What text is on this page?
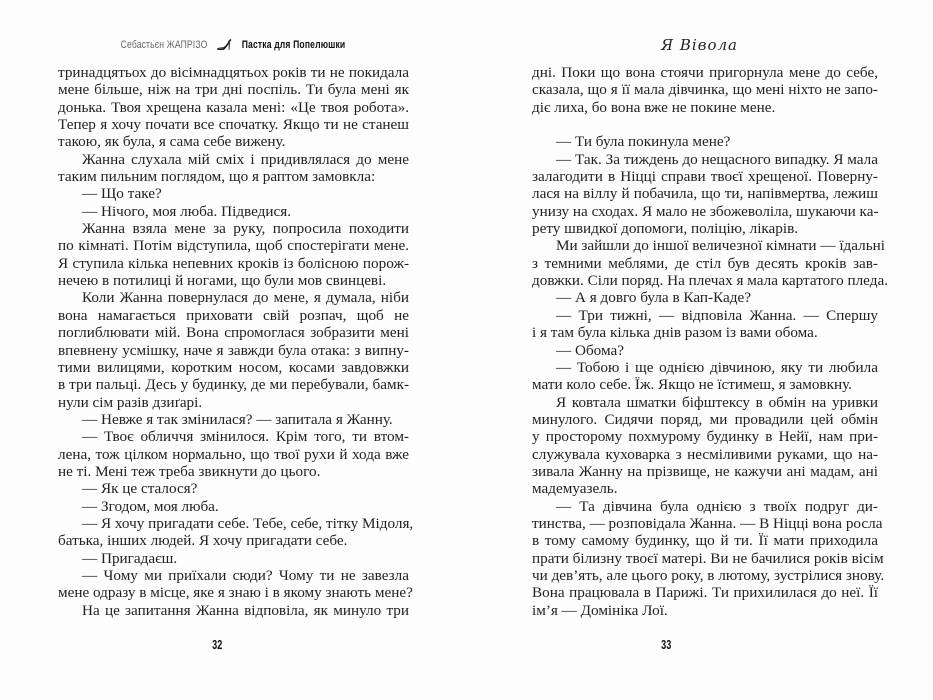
Себастьєн ЖАПРІЗО	Пастка для Попелюшки
тринадцятьох до вісімнадцятьох років ти не покидала
мене більше, ніж на три дні поспіль. Ти була мені як
донька. Твоя хрещена казала мені: «Це твоя робота».
Тепер я хочу почати все спочатку. Якщо ти не станеш
такою, як була, я сама себе вижену.
Жанна слухала мій сміх і придивлялася до мене
таким пильним поглядом, що я раптом замовкла:
— Що таке?
— Нічого, моя люба. Підведися.
Жанна взяла мене за руку, попросила походити
по кімнаті. Потім відступила, щоб спостерігати мене.
Я ступила кілька непевних кроків із болісною порож-
нечею в потилиці й ногами, що були мов свинцеві.
Коли Жанна повернулася до мене, я думала, ніби
вона намагається приховати свій розпач, щоб не
поглиблювати мій. Вона спромоглася зобразити мені
впевнену усмішку, наче я завжди була отака: з випну-
тими вилицями, коротким носом, косами завдовжки
в три пальці. Десь у будинку, де ми перебували, бамк-
нули сім разів дзиґарі.
— Невже я так змінилася? — запитала я Жанну.
— Твоє обличчя змінилося. Крім того, ти втом-
лена, тож цілком нормально, що твої рухи й хода вже
не ті. Мені теж треба звикнути до цього.
— Як це сталося?
— Згодом, моя люба.
— Я хочу пригадати себе. Тебе, себе, тітку Мідоля,
батька, інших людей. Я хочу пригадати себе.
— Пригадаєш.
— Чому ми приїхали сюди? Чому ти не завезла
мене одразу в місце, яке я знаю і в якому знають мене?
На це запитання Жанна відповіла, як минуло три
32
Я Вівола
дні. Поки що вона стоячи пригорнула мене до себе,
сказала, що я її мала дівчинка, що мені ніхто не запо-
діє лиха, бо вона вже не покине мене.
— Ти була покинула мене?
— Так. За тиждень до нещасного випадку. Я мала
залагодити в Ніцці справи твоєї хрещеної. Поверну-
лася на віллу й побачила, що ти, напівмертва, лежиш
унизу на сходах. Я мало не збожеволіла, шукаючи ка-
рету швидкої допомоги, поліцію, лікарів.
Ми зайшли до іншої величезної кімнати — їдальні
з темними меблями, де стіл був десять кроків зав-
довжки. Сіли поряд. На плечах я мала картатого пледа.
— А я довго була в Кап-Каде?
— Три тижні, — відповіла Жанна. — Спершу
і я там була кілька днів разом із вами обома.
— Обома?
— Тобою і ще однією дівчиною, яку ти любила
мати коло себе. Їж. Якщо не їстимеш, я замовкну.
Я ковтала шматки біфштексу в обмін на уривки
минулого. Сидячи поряд, ми провадили цей обмін
у просторому похмурому будинку в Нейї, нам при-
служувала куховарка з несміливими руками, що на-
зивала Жанну на прізвище, не кажучи ані мадам, ані
мадемуазель.
— Та дівчина була однією з твоїх подруг ди-
тинства, — розповідала Жанна. — В Ніцці вона росла
в тому самому будинку, що й ти. Її мати приходила
прати білизну твоєї матері. Ви не бачилися років вісім
чи дев’ять, але цього року, в лютому, зустрілися знову.
Вона працювала в Парижі. Ти прихилилася до неї. Її
ім’я — Домініка Лої.
33
